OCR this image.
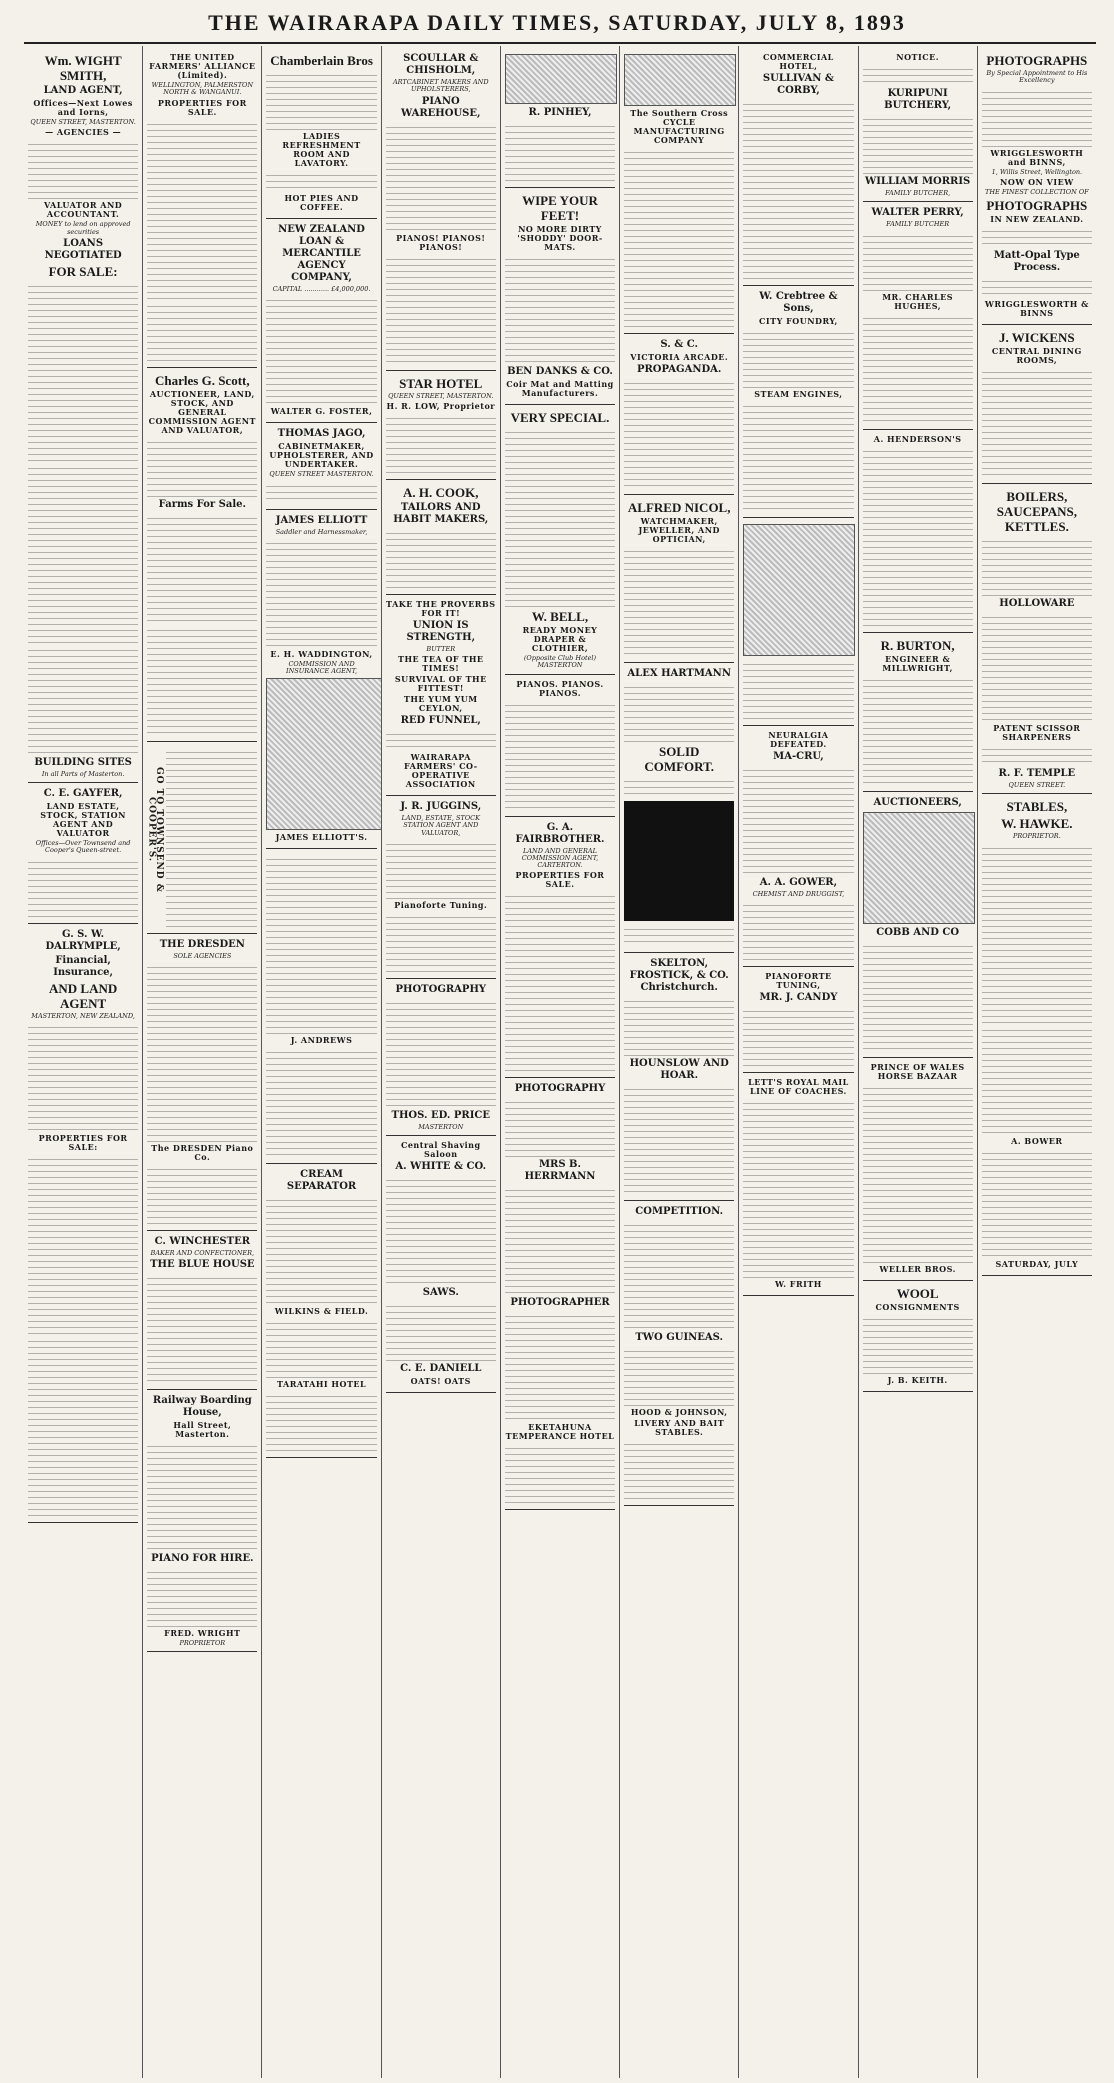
THE WAIRARAPA DAILY TIMES, SATURDAY, JULY 8, 1893
Wm. WIGHT SMITH,
LAND AGENT,
Offices—Next Lowes and Iorns,
QUEEN STREET, MASTERTON.
— AGENCIES —
VALUATOR AND ACCOUNTANT.
MONEY to lend on approved securities
LOANS NEGOTIATED
FOR SALE:
BUILDING SITES
In all Parts of Masterton.
C. E. GAYFER,
LAND ESTATE, STOCK, STATION AGENT AND VALUATOR
Offices—Over Townsend and Cooper's Queen-street.
G. S. W. DALRYMPLE,
Financial, Insurance,
AND LAND AGENT
MASTERTON, NEW ZEALAND,
PROPERTIES FOR SALE:
THE UNITED FARMERS' ALLIANCE (Limited).
WELLINGTON, PALMERSTON NORTH & WANGANUI.
PROPERTIES FOR SALE.
Charles G. Scott,
AUCTIONEER, LAND, STOCK, AND GENERAL COMMISSION AGENT AND VALUATOR,
Farms For Sale.
GO TO TOWNSEND & COOPER'S.
THE DRESDEN
SOLE AGENCIES
The DRESDEN Piano Co.
C. WINCHESTER
BAKER AND CONFECTIONER,
THE BLUE HOUSE
Railway Boarding House,
Hall Street, Masterton.
PIANO FOR HIRE.
FRED. WRIGHT
PROPRIETOR
Chamberlain Bros
LADIES REFRESHMENT ROOM AND LAVATORY.
HOT PIES AND COFFEE.
NEW ZEALAND LOAN & MERCANTILE AGENCY COMPANY,
CAPITAL ............ £4,000,000.
WALTER G. FOSTER,
THOMAS JAGO,
CABINETMAKER, UPHOLSTERER, AND UNDERTAKER.
QUEEN STREET MASTERTON.
JAMES ELLIOTT
Saddler and Harnessmaker,
E. H. WADDINGTON,
COMMISSION AND INSURANCE AGENT,
JAMES ELLIOTT'S.
J. ANDREWS
CREAM SEPARATOR
WILKINS & FIELD.
TARATAHI HOTEL
SCOULLAR & CHISHOLM,
ARTCABINET MAKERS AND UPHOLSTERERS,
PIANO WAREHOUSE,
PIANOS! PIANOS! PIANOS!
STAR HOTEL
QUEEN STREET, MASTERTON.
H. R. LOW, Proprietor
A. H. COOK,
TAILORS AND HABIT MAKERS,
TAKE THE PROVERBS FOR IT!
UNION IS STRENGTH,
BUTTER
THE TEA OF THE TIMES!
SURVIVAL OF THE FITTEST!
THE YUM YUM CEYLON,
RED FUNNEL,
WAIRARAPA FARMERS' CO-OPERATIVE ASSOCIATION
J. R. JUGGINS,
LAND, ESTATE, STOCK STATION AGENT AND VALUATOR,
Pianoforte Tuning.
PHOTOGRAPHY
THOS. ED. PRICE
MASTERTON
Central Shaving Saloon
A. WHITE & CO.
SAWS.
C. E. DANIELL
OATS! OATS
R. PINHEY,
WIPE YOUR FEET!
NO MORE DIRTY 'SHODDY' DOOR-MATS.
BEN DANKS & CO.
Coir Mat and Matting Manufacturers.
VERY SPECIAL.
W. BELL,
READY MONEY DRAPER & CLOTHIER,
(Opposite Club Hotel) MASTERTON
PIANOS. PIANOS. PIANOS.
G. A. FAIRBROTHER.
LAND AND GENERAL COMMISSION AGENT, CARTERTON.
PROPERTIES FOR SALE.
PHOTOGRAPHY
MRS B. HERRMANN
PHOTOGRAPHER
EKETAHUNA TEMPERANCE HOTEL
The Southern Cross CYCLE MANUFACTURING COMPANY
S. & C.
VICTORIA ARCADE.
PROPAGANDA.
ALFRED NICOL,
WATCHMAKER, JEWELLER, AND OPTICIAN,
ALEX HARTMANN
SOLID COMFORT.
SKELTON, FROSTICK, & CO. Christchurch.
HOUNSLOW AND HOAR.
COMPETITION.
TWO GUINEAS.
HOOD & JOHNSON,
LIVERY AND BAIT STABLES.
COMMERCIAL HOTEL,
SULLIVAN & CORBY,
W. Crebtree & Sons,
CITY FOUNDRY,
STEAM ENGINES,
NEURALGIA DEFEATED.
MA-CRU,
A. A. GOWER,
CHEMIST AND DRUGGIST,
PIANOFORTE TUNING,
MR. J. CANDY
LETT'S ROYAL MAIL LINE OF COACHES.
W. FRITH
NOTICE.
KURIPUNI BUTCHERY,
WILLIAM MORRIS
FAMILY BUTCHER,
WALTER PERRY,
FAMILY BUTCHER
MR. CHARLES HUGHES,
A. HENDERSON'S
R. BURTON,
ENGINEER & MILLWRIGHT,
AUCTIONEERS,
COBB AND CO
PRINCE OF WALES HORSE BAZAAR
WELLER BROS.
WOOL
CONSIGNMENTS
J. B. KEITH.
PHOTOGRAPHS
By Special Appointment to His Excellency
WRIGGLESWORTH and BINNS,
1, Willis Street, Wellington.
NOW ON VIEW
THE FINEST COLLECTION OF
PHOTOGRAPHS
IN NEW ZEALAND.
Matt-Opal Type Process.
WRIGGLESWORTH & BINNS
J. WICKENS
CENTRAL DINING ROOMS,
BOILERS, SAUCEPANS, KETTLES.
HOLLOWARE
PATENT SCISSOR SHARPENERS
R. F. TEMPLE
QUEEN STREET.
STABLES,
W. HAWKE.
PROPRIETOR.
A. BOWER
SATURDAY, JULY
